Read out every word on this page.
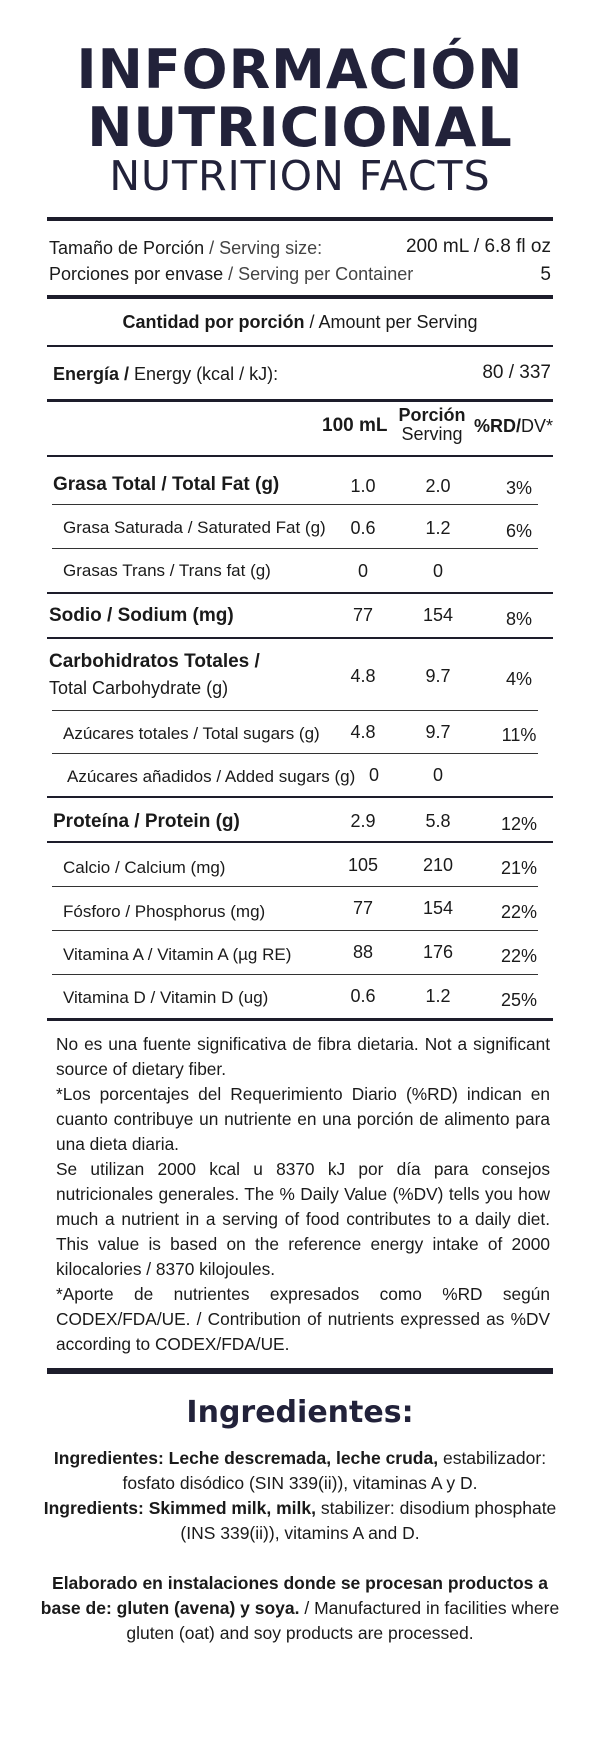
INFORMACIÓN
NUTRICIONAL
NUTRITION FACTS
Tamaño de Porción / Serving size:	200 mL / 6.8 fl oz
Porciones por envase / Serving per Container	5
Cantidad por porción / Amount per Serving
Energía / Energy (kcal / kJ):	80 / 337
100 mL Porción
Serving %RD/DV*
Grasa Total / Total Fat (g)	1.0	2.0	3%
Grasa Saturada / Saturated Fat (g)	0.6	1.2	6%
Grasas Trans / Trans fat (g)	0	0
Sodio / Sodium (mg)	77	154	8%
Carbohidratos Totales /
Total Carbohydrate (g)
4.8	9.7	4%
Azúcares totales / Total sugars (g)	4.8	9.7	11%
Azúcares añadidos / Added sugars (g) 0	0
Proteína / Protein (g)	2.9	5.8	12%
Calcio / Calcium (mg)	105	210	21%
Fósforo / Phosphorus (mg)	77	154	22%
Vitamina A / Vitamin A (µg RE)	88	176	22%
Vitamina D / Vitamin D (ug)	0.6	1.2	25%

No es una fuente significativa de fibra dietaria. Not a significant source of dietary fiber.

*Los porcentajes del Requerimiento Diario (%RD) indican en cuanto contribuye un nutriente en una porción de alimento para una dieta diaria.

Se utilizan 2000 kcal u 8370 kJ por día para consejos nutricionales generales. The % Daily Value (%DV) tells you how much a nutrient in a serving of food contributes to a daily diet. This value is based on the reference energy intake of 2000 kilocalories / 8370 kilojoules.

*Aporte de nutrientes expresados como %RD según CODEX/FDA/UE. / Contribution of nutrients expressed as %DV according to CODEX/FDA/UE.

Ingredientes:

Ingredientes: Leche descremada, leche cruda, estabilizador: fosfato disódico (SIN 339(ii)), vitaminas A y D.

Ingredients: Skimmed milk, milk, stabilizer: disodium phosphate (INS 339(ii)), vitamins A and D.

Elaborado en instalaciones donde se procesan productos a base de: gluten (avena) y soya. / Manufactured in facilities where gluten (oat) and soy products are processed.
